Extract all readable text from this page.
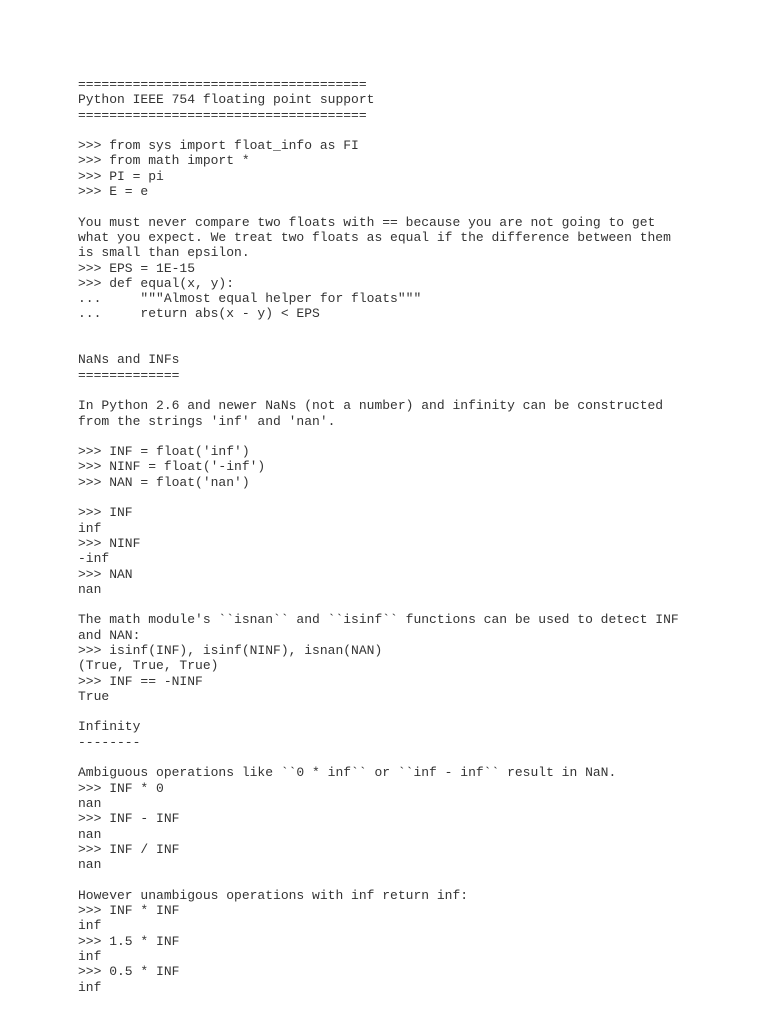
=====================================
Python IEEE 754 floating point support
=====================================
>>> from sys import float_info as FI
>>> from math import *
>>> PI = pi
>>> E = e
You must never compare two floats with == because you are not going to get
what you expect. We treat two floats as equal if the difference between them
is small than epsilon.
>>> EPS = 1E-15
>>> def equal(x, y):
...     """Almost equal helper for floats"""
...     return abs(x - y) < EPS
NaNs and INFs
=============
In Python 2.6 and newer NaNs (not a number) and infinity can be constructed
from the strings 'inf' and 'nan'.
>>> INF = float('inf')
>>> NINF = float('-inf')
>>> NAN = float('nan')
>>> INF
inf
>>> NINF
-inf
>>> NAN
nan
The math module's ``isnan`` and ``isinf`` functions can be used to detect INF
and NAN:
>>> isinf(INF), isinf(NINF), isnan(NAN)
(True, True, True)
>>> INF == -NINF
True
Infinity
--------
Ambiguous operations like ``0 * inf`` or ``inf - inf`` result in NaN.
>>> INF * 0
nan
>>> INF - INF
nan
>>> INF / INF
nan
However unambigous operations with inf return inf:
>>> INF * INF
inf
>>> 1.5 * INF
inf
>>> 0.5 * INF
inf
